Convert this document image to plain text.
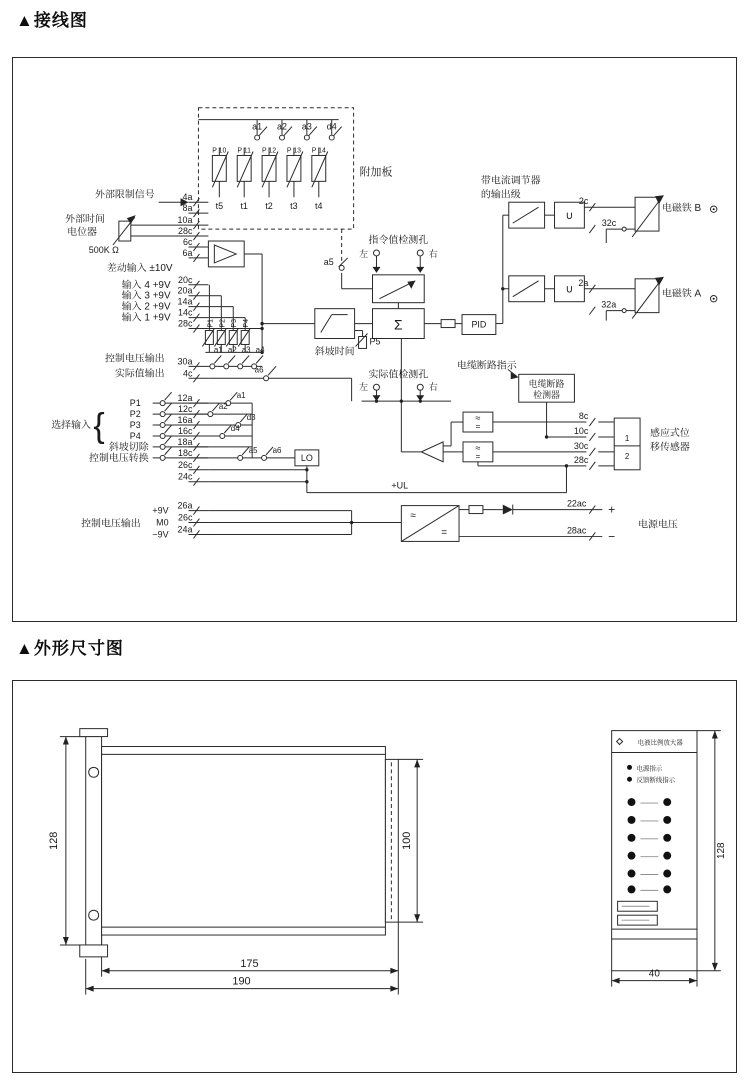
▲接线图
a1 a2 a3 d4
P 10 P 11 P 12 P 13 P 14
t5 t1 t2 t3 t4
附加板
外部限制信号
外部时间
电位器
500K Ω
差动输入 ±10V
输入 4 +9V
输入 3 +9V
输入 2 +9V
输入 1 +9V
4a
8a
10a
28c
6c
6a
20c
20a
14a
14c
28c
30a
4c
12a
12c
16a
16c
18a
18c
26c
24c
26a
26c
24a
P1 P2 P3 P4
指令值检测孔
左	右
a5
斜坡时间
P5
Σ	PID
控制电压输出
实际值输出
a1 a2 a3 a4
a6
选择输入 {
P1
P2
P3
P4
斜坡切除
控制电压转换
a1
a2
d3
d4
a5 a6
LO
+UL
带电流调节器
的输出级
2c
32c
电磁铁 B
2a
32a
电磁铁 A
∪
∪
实际值检测孔
左	右
电缆断路指示
电缆断路
检测器
≈
=
≈
=
8c
10c
30c
28c
1
2
感应式位
移传感器
≈
=
22ac +
28ac −
电源电压
+9V
M0
−9V
控制电压输出
▲外形尺寸图
128	100
175
190
128
40
电液比例放大器
电源指示
反馈断线指示
